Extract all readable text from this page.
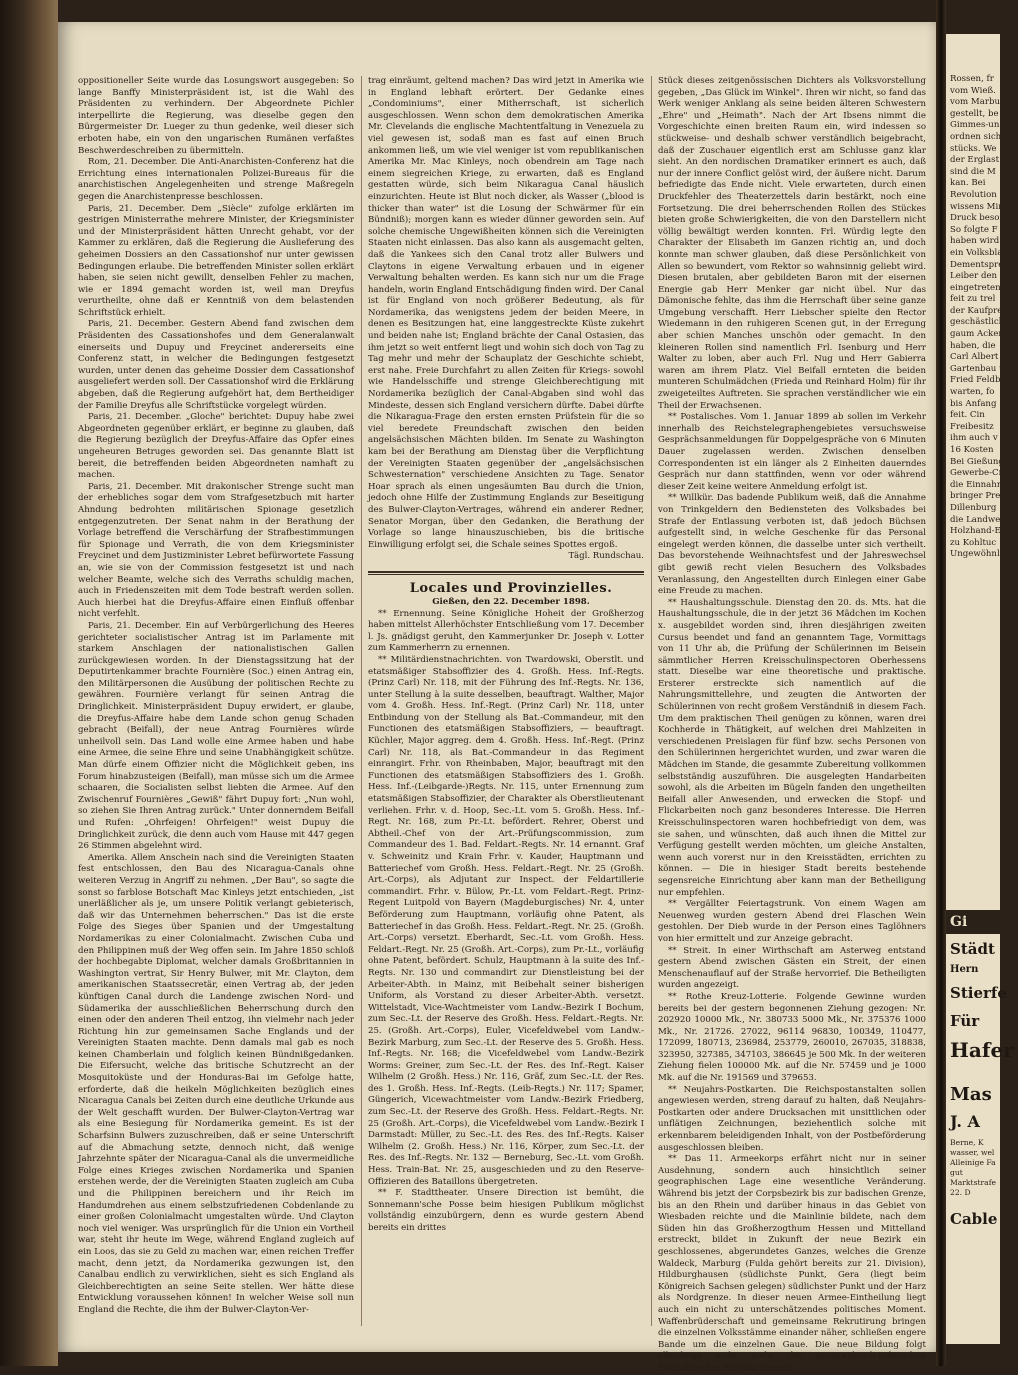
oppositioneller Seite wurde das Losungswort ausgegeben: So lange Banffy Ministerpräsident ist, ist die Wahl des Präsidenten zu verhindern. Der Abgeordnete Pichler interpellirte die Regierung, was dieselbe gegen den Bürgermeister Dr. Lueger zu thun gedenke, weil dieser sich erboten habe, ein von den ungarischen Rumänen verfaßtes Beschwerdeschreiben zu übermitteln.

Rom, 21. December. Die Anti-Anarchisten-Conferenz hat die Errichtung eines internationalen Polizei-Bureaus für die anarchistischen Angelegenheiten und strenge Maßregeln gegen die Anarchistenpresse beschlossen.

Paris, 21. December. Dem „Siècle" zufolge erklärten im gestrigen Ministerrathe mehrere Minister, der Kriegsminister und der Ministerpräsident hätten Unrecht gehabt, vor der Kammer zu erklären, daß die Regierung die Auslieferung des geheimen Dossiers an den Cassationshof nur unter gewissen Bedingungen erlaube. Die betreffenden Minister sollen erklärt haben, sie seien nicht gewillt, denselben Fehler zu machen, wie er 1894 gemacht worden ist, weil man Dreyfus verurtheilte, ohne daß er Kenntniß von dem belastenden Schriftstück erhielt.

Paris, 21. December. Gestern Abend fand zwischen dem Präsidenten des Cassationshofes und dem Generalanwalt einerseits und Dupuy und Freycinet andererseits eine Conferenz statt, in welcher die Bedingungen festgesetzt wurden, unter denen das geheime Dossier dem Cassationshof ausgeliefert werden soll. Der Cassationshof wird die Erklärung abgeben, daß die Regierung aufgehört hat, dem Bertheidiger der Familie Dreyfus alle Schriftstücke vorgelegt würden.

Paris, 21. December. „Gloche" berichtet: Dupuy habe zwei Abgeordneten gegenüber erklärt, er beginne zu glauben, daß die Regierung bezüglich der Dreyfus-Affaire das Opfer eines ungeheuren Betruges geworden sei. Das genannte Blatt ist bereit, die betreffenden beiden Abgeordneten namhaft zu machen.

Paris, 21. December. Mit drakonischer Strenge sucht man der erhebliches sogar dem vom Strafgesetzbuch mit harter Ahndung bedrohten militärischen Spionage gesetzlich entgegenzutreten. Der Senat nahm in der Berathung der Vorlage betreffend die Verschärfung der Strafbestimmungen für Spionage und Verrath, die von dem Kriegsminister Freycinet und dem Justizminister Lebret befürwortete Fassung an, wie sie von der Commission festgesetzt ist und nach welcher Beamte, welche sich des Verraths schuldig machen, auch in Friedenszeiten mit dem Tode bestraft werden sollen. Auch hierbei hat die Dreyfus-Affaire einen Einfluß offenbar nicht verfehlt.

Paris, 21. December. Ein auf Verbürgerlichung des Heeres gerichteter socialistischer Antrag ist im Parlamente mit starkem Anschlagen der nationalistischen Gallen zurückgewiesen worden. In der Dienstagssitzung hat der Deputirtenkammer brachte Fournière (Soc.) einen Antrag ein, den Militärpersonen die Ausübung der politischen Rechte zu gewähren. Fournière verlangt für seinen Antrag die Dringlichkeit. Ministerpräsident Dupuy erwidert, er glaube, die Dreyfus-Affaire habe dem Lande schon genug Schaden gebracht (Beifall), der neue Antrag Fournières würde unheilvoll sein. Das Land wolle eine Armee haben und habe eine Armee, die seine Ehre und seine Unabhängigkeit schütze. Man dürfe einem Offizier nicht die Möglichkeit geben, ins Forum hinabzusteigen (Beifall), man müsse sich um die Armee schaaren, die Socialisten selbst liebten die Armee. Auf den Zwischenruf Fournières „Gewiß" fährt Dupuy fort: „Nun wohl, so ziehen Sie Ihren Antrag zurück." Unter donnerndem Beifall und Rufen: „Ohrfeigen! Ohrfeigen!" weist Dupuy die Dringlichkeit zurück, die denn auch vom Hause mit 447 gegen 26 Stimmen abgelehnt wird.

Amerika. Allem Anschein nach sind die Vereinigten Staaten fest entschlossen, den Bau des Nicaragua-Canals ohne weiteren Verzug in Angriff zu nehmen. „Der Bau", so sagte die sonst so farblose Botschaft Mac Kinleys jetzt entschieden, „ist unerläßlicher als je, um unsere Politik verlangt gebieterisch, daß wir das Unternehmen beherrschen." Das ist die erste Folge des Sieges über Spanien und der Umgestaltung Nordamerikas zu einer Colonialmacht. Zwischen Cuba und den Philippinen muß der Weg offen sein. Im Jahre 1850 schloß der hochbegabte Diplomat, welcher damals Großbritannien in Washington vertrat, Sir Henry Bulwer, mit Mr. Clayton, dem amerikanischen Staatssecretär, einen Vertrag ab, der jeden künftigen Canal durch die Landenge zwischen Nord- und Südamerika der ausschließlichen Beherrschung durch den einen oder den anderen Theil entzog, ihn vielmehr nach jeder Richtung hin zur gemeinsamen Sache Englands und der Vereinigten Staaten machte. Denn damals mal gab es noch keinen Chamberlain und folglich keinen Bündnißgedanken. Die Eifersucht, welche das britische Schutzrecht an der Mosquitoküste und der Honduras-Bai im Gefolge hatte, erforderte, daß die heikeln Möglichkeiten bezüglich eines Nicaragua Canals bei Zeiten durch eine deutliche Urkunde aus der Welt geschafft wurden. Der Bulwer-Clayton-Vertrag war als eine Besiegung für Nordamerika gemeint. Es ist der Scharfsinn Bulwers zuzuschreiben, daß er seine Unterschrift auf die Abmachung setzte, dennoch nicht, daß wenige Jahrzehnte später der Nicaragua-Canal als die unvermeidliche Folge eines Krieges zwischen Nordamerika und Spanien erstehen werde, der die Vereinigten Staaten zugleich am Cuba und die Philippinen bereichern und ihr Reich im Handumdrehen aus einem selbstzufriedenen Cobdenlande zu einer großen Colonialmacht umgestalten würde. Und Clayton noch viel weniger. Was ursprünglich für die Union ein Vortheil war, steht ihr heute im Wege, während England zugleich auf ein Loos, das sie zu Geld zu machen war, einen reichen Treffer macht, denn jetzt, da Nordamerika gezwungen ist, den Canalbau endlich zu verwirklichen, sieht es sich England als Gleichberechtigten an seine Seite stellen. Wer hätte diese Entwicklung voraussehen können! In welcher Weise soll nun England die Rechte, die ihm der Bulwer-Clayton-Ver-

trag einräumt, geltend machen? Das wird jetzt in Amerika wie in England lebhaft erörtert. Der Gedanke eines „Condominiums", einer Mitherrschaft, ist sicherlich ausgeschlossen. Wenn schon dem demokratischen Amerika Mr. Clevelands die englische Machtentfaltung in Venezuela zu viel gewesen ist, sodaß man es fast auf einen Bruch ankommen ließ, um wie viel weniger ist vom republikanischen Amerika Mr. Mac Kinleys, noch obendrein am Tage nach einem siegreichen Kriege, zu erwarten, daß es England gestatten würde, sich beim Nikaragua Canal häuslich einzurichten. Heute ist Blut noch dicker, als Wasser („blood is thicker than water" ist die Losung der Schwärmer für ein Bündniß); morgen kann es wieder dünner geworden sein. Auf solche chemische Ungewißheiten können sich die Vereinigten Staaten nicht einlassen. Das also kann als ausgemacht gelten, daß die Yankees sich den Canal trotz aller Bulwers und Claytons in eigene Verwaltung erbauen und in eigener Verwaltung behalten werden. Es kann sich nur um die Frage handeln, worin England Entschädigung finden wird. Der Canal ist für England von noch größerer Bedeutung, als für Nordamerika, das wenigstens jedem der beiden Meere, in denen es Besitzungen hat, eine langgestreckte Küste zukehrt und beiden nahe ist; England brächte der Canal Ostasien, das ihm jetzt so weit entfernt liegt und wohin sich doch von Tag zu Tag mehr und mehr der Schauplatz der Geschichte schiebt, erst nahe. Freie Durchfahrt zu allen Zeiten für Kriegs- sowohl wie Handelsschiffe und strenge Gleichberechtigung mit Nordamerika bezüglich der Canal-Abgaben sind wohl das Mindeste, dessen sich England versichern dürfte. Dabei dürfte die Nikaragua-Frage den ersten ernsten Prüfstein für die so viel beredete Freundschaft zwischen den beiden angelsächsischen Mächten bilden. Im Senate zu Washington kam bei der Berathung am Dienstag über die Verpflichtung der Vereinigten Staaten gegenüber der „angelsächsischen Schwesternation" verschiedene Ansichten zu Tage. Senator Hoar sprach als einen ungesäumten Bau durch die Union, jedoch ohne Hilfe der Zustimmung Englands zur Beseitigung des Bulwer-Clayton-Vertrages, während ein anderer Redner, Senator Morgan, über den Gedanken, die Berathung der Vorlage so lange hinauszuschieben, bis die britische Einwilligung erfolgt sei, die Schale seines Spottes ergoß.

Tägl. Rundschau.

Locales und Provinzielles.

Gießen, den 22. December 1898.

** Ernennung. Seine Königliche Hoheit der Großherzog haben mittelst Allerhöchster Entschließung vom 17. December l. Js. gnädigst geruht, den Kammerjunker Dr. Joseph v. Lotter zum Kammerherrn zu ernennen.

** Militärdienstnachrichten. von Twardowski, Oberstlt. und etatsmäßiger Stabsoffizier des 4. Großh. Hess. Inf.-Regts. (Prinz Carl) Nr. 118, mit der Führung des Inf.-Regts. Nr. 136, unter Stellung à la suite desselben, beauftragt. Walther, Major vom 4. Großh. Hess. Inf.-Regt. (Prinz Carl) Nr. 118, unter Entbindung von der Stellung als Bat.-Commandeur, mit den Functionen des etatsmäßigen Stabsoffiziers, — beauftragt. Küchler, Major aggreg. dem 4. Großh. Hess. Inf.-Regt. (Prinz Carl) Nr. 118, als Bat.-Commandeur in das Regiment einrangirt. Frhr. von Rheinbaben, Major, beauftragt mit den Functionen des etatsmäßigen Stabsoffiziers des 1. Großh. Hess. Inf.-(Leibgarde-)Regts. Nr. 115, unter Ernennung zum etatsmäßigen Stabsoffizier, der Charakter als Oberstlieutenant verliehen. Frhr. v. d. Hoop, Sec.-Lt. vom 5. Großh. Hess. Inf.-Regt. Nr. 168, zum Pr.-Lt. befördert. Rehrer, Oberst und Abtheil.-Chef von der Art.-Prüfungscommission, zum Commandeur des 1. Bad. Feldart.-Regts. Nr. 14 ernannt. Graf v. Schweinitz und Krain Frhr. v. Kauder, Hauptmann und Batteriechef vom Großh. Hess. Feldart.-Regt. Nr. 25 (Großh. Art.-Corps), als Adjutant zur Inspect. der Feldartillerie commandirt. Frhr. v. Bülow, Pr.-Lt. vom Feldart.-Regt. Prinz-Regent Luitpold von Bayern (Magdeburgisches) Nr. 4, unter Beförderung zum Hauptmann, vorläufig ohne Patent, als Batteriechef in das Großh. Hess. Feldart.-Regt. Nr. 25. (Großh. Art.-Corps) versetzt. Eberhardt, Sec.-Lt. vom Großh. Hess. Feldart.-Regt. Nr. 25 (Großh. Art.-Corps), zum Pr.-Lt., vorläufig ohne Patent, befördert. Schulz, Hauptmann à la suite des Inf.-Regts. Nr. 130 und commandirt zur Dienstleistung bei der Arbeiter-Abth. in Mainz, mit Beibehalt seiner bisherigen Uniform, als Vorstand zu dieser Arbeiter-Abth. versetzt. Wittelstadt, Vice-Wachtmeister vom Landw.-Bezirk I Bochum, zum Sec.-Lt. der Reserve des Großh. Hess. Feldart.-Regts. Nr. 25. (Großh. Art.-Corps), Euler, Vicefeldwebel vom Landw.-Bezirk Marburg, zum Sec.-Lt. der Reserve des 5. Großh. Hess. Inf.-Regts. Nr. 168; die Vicefeldwebel vom Landw.-Bezirk Worms: Greiner, zum Sec.-Lt. der Res. des Inf.-Regt. Kaiser Wilhelm (2 Großh. Hess.) Nr. 116, Gräf, zum Sec.-Lt. der Res. des 1. Großh. Hess. Inf.-Regts. (Leib-Regts.) Nr. 117; Spamer, Güngerich, Vicewachtmeister vom Landw.-Bezirk Friedberg, zum Sec.-Lt. der Reserve des Großh. Hess. Feldart.-Regts. Nr. 25 (Großh. Art.-Corps), die Vicefeldwebel vom Landw.-Bezirk I Darmstadt: Müller, zu Sec.-Lt. des Res. des Inf.-Regts. Kaiser Wilhelm (2. Großh. Hess.) Nr. 116, Körper, zum Sec.-Lt. der Res. des Inf.-Regts. Nr. 132 — Berneburg, Sec.-Lt. vom Großh. Hess. Train-Bat. Nr. 25, ausgeschieden und zu den Reserve-Offizieren des Bataillons übergetreten.

** F. Stadttheater. Unsere Direction ist bemüht, die Sonnemann'sche Posse beim hiesigen Publikum möglichst vollständig einzubürgern, denn es wurde gestern Abend bereits ein drittes

Stück dieses zeitgenössischen Dichters als Volksvorstellung gegeben, „Das Glück im Winkel". Ihren wir nicht, so fand das Werk weniger Anklang als seine beiden älteren Schwestern „Ehre" und „Heimath". Nach der Art Ibsens nimmt die Vorgeschichte einen breiten Raum ein, wird indessen so stückweise- und deshalb schwer verständlich beigebracht, daß der Zuschauer eigentlich erst am Schlusse ganz klar sieht. An den nordischen Dramatiker erinnert es auch, daß nur der innere Conflict gelöst wird, der äußere nicht. Darum befriedigte das Ende nicht. Viele erwarteten, durch einen Druckfehler des Theaterzettels darin bestärkt, noch eine Fortsetzung. Die drei beherrschenden Rollen des Stückes bieten große Schwierigkeiten, die von den Darstellern nicht völlig bewältigt werden konnten. Frl. Würdig legte den Charakter der Elisabeth im Ganzen richtig an, und doch konnte man schwer glauben, daß diese Persönlichkeit von Allen so bewundert, vom Rektor so wahnsinnig geliebt wird. Diesen brutalen, aber gebildeten Baron mit der eisernen Energie gab Herr Menker gar nicht übel. Nur das Dämonische fehlte, das ihm die Herrschaft über seine ganze Umgebung verschafft. Herr Liebscher spielte den Rector Wiedemann in den ruhigeren Scenen gut, in der Erregung aber schien Manches unschön oder gemacht. In den kleineren Rollen sind namentlich Frl. Isenburg und Herr Walter zu loben, aber auch Frl. Nug und Herr Gabierra waren am ihrem Platz. Viel Beifall ernteten die beiden munteren Schulmädchen (Frieda und Reinhard Holm) für ihr zweigeteiltes Auftreten. Sie sprachen verständlicher wie ein Theil der Erwachsenen.

** Postalisches. Vom 1. Januar 1899 ab sollen im Verkehr innerhalb des Reichstelegraphengebietes versuchsweise Gesprächsanmeldungen für Doppelgespräche von 6 Minuten Dauer zugelassen werden. Zwischen denselben Correspondenten ist ein länger als 2 Einheiten dauerndes Gespräch nur dann stattfinden, wenn vor oder während dieser Zeit keine weitere Anmeldung erfolgt ist.

** Willkür. Das badende Publikum weiß, daß die Annahme von Trinkgeldern den Bediensteten des Volksbades bei Strafe der Entlassung verboten ist, daß jedoch Büchsen aufgestellt sind, in welche Geschenke für das Personal eingelegt werden können, die dasselbe unter sich vertheilt. Das bevorstehende Weihnachtsfest und der Jahreswechsel gibt gewiß recht vielen Besuchern des Volksbades Veranlassung, den Angestellten durch Einlegen einer Gabe eine Freude zu machen.

** Haushaltungsschule. Dienstag den 20. ds. Mts. hat die Haushaltungsschule, die in der jetzt 36 Mädchen im Kochen x. ausgebildet worden sind, ihren diesjährigen zweiten Cursus beendet und fand an genanntem Tage, Vormittags von 11 Uhr ab, die Prüfung der Schülerinnen im Beisein sämmtlicher Herren Kreisschulinspectoren Oberhessens statt. Dieselbe war eine theoretische und praktische. Ersterer erstreckte sich namentlich auf die Nahrungsmittellehre, und zeugten die Antworten der Schülerinnen von recht großem Verständniß in diesem Fach. Um dem praktischen Theil genügen zu können, waren drei Kochherde in Thätigkeit, auf welchen drei Mahlzeiten in verschiedenen Preislagen für fünf bzw. sechs Personen von den Schülerinnen hergerichtet wurden, und zwar waren die Mädchen im Stande, die gesammte Zubereitung vollkommen selbstständig auszuführen. Die ausgelegten Handarbeiten sowohl, als die Arbeiten im Bügeln fanden den ungetheilten Beifall aller Anwesenden, und erwecken die Stopf- und Flickarbeiten noch ganz besonderes Interesse. Die Herren Kreisschulinspectoren waren hochbefriedigt von dem, was sie sahen, und wünschten, daß auch ihnen die Mittel zur Verfügung gestellt werden möchten, um gleiche Anstalten, wenn auch vorerst nur in den Kreisstädten, errichten zu können. — Die in hiesiger Stadt bereits bestehende segensreiche Einrichtung aber kann man der Betheiligung nur empfehlen.

** Vergällter Feiertagstrunk. Von einem Wagen am Neuenweg wurden gestern Abend drei Flaschen Wein gestohlen. Der Dieb wurde in der Person eines Taglöhners von hier ermittelt und zur Anzeige gebracht.

** Streit. In einer Wirthschaft am Asterweg entstand gestern Abend zwischen Gästen ein Streit, der einen Menschenauflauf auf der Straße hervorrief. Die Betheiligten wurden angezeigt.

** Rothe Kreuz-Lotterie. Folgende Gewinne wurden bereits bei der gestern begonnenen Ziehung gezogen: Nr. 202920 10000 Mk., Nr. 380733 5000 Mk., Nr. 375376 1000 Mk., Nr. 21726. 27022, 96114 96830, 100349, 110477, 172099, 180713, 236984, 253779, 260010, 267035, 318838, 323950, 327385, 347103, 386645 je 500 Mk. In der weiteren Ziehung fielen 100000 Mk. auf die Nr. 57459 und je 1000 Mk. auf die Nr. 191569 und 379653.

** Neujahrs-Postkarten. Die Reichspostanstalten sollen angewiesen werden, streng darauf zu halten, daß Neujahrs-Postkarten oder andere Drucksachen mit unsittlichen oder unflätigen Zeichnungen, beziehentlich solche mit erkennbarem beleidigenden Inhalt, von der Postbeförderung ausgeschlossen bleiben.

** Das 11. Armeekorps erfährt nicht nur in seiner Ausdehnung, sondern auch hinsichtlich seiner geographischen Lage eine wesentliche Veränderung. Während bis jetzt der Corpsbezirk bis zur badischen Grenze, bis an den Rhein und darüber hinaus in das Gebiet von Wiesbaden reichte und die Mainlinie bildete, nach dem Süden hin das Großherzogthum Hessen und Mittelland erstreckt, bildet in Zukunft der neue Bezirk ein geschlossenes, abgerundetes Ganzes, welches die Grenze Waldeck, Marburg (Fulda gehört bereits zur 21. Division), Hildburghausen (südlichste Punkt, Gera (liegt beim Königreich Sachsen gelegen) südlichster Punkt und der Harz als Nordgrenze. In dieser neuen Armee-Eintheilung liegt auch ein nicht zu unterschätzendes politisches Moment. Waffenbrüderschaft und gemeinsame Rekrutirung bringen die einzelnen Volksstämme einander näher, schließen engere Bande um die einzelnen Gaue. Die neue Bildung folgt allerdings nicht mehr der geographisch-politischen Formation der Provinz Hessen-

Rossen, fr
vom Wieß.
vom Marburg
gestellt, be
Gimmes-un
ordnen sich
stücks. We
der Erglast
sind die M
kan. Bei
Revolution
wissens Minist
Druck besor
So folgte F
haben wird
ein Volksbla
Dementspred
Leiber den
eingetreten
feit zu trel
der Kaufpreis
geschästlichen
gaum Acker
haben, die
Carl Albert
Gartenbau u
Fried Feldb
warten, fo
bis Anfang
feit. Cin
Freibesitz
ihm auch v
16 Kosten
Bei Gießung
Gewerbe-Cr
die Einnahm
bringer Pre
Dillenburg
die Landwe
Holzhand-E
zu Kohltuc
Ungewöhnliche
Gi
Städt
Hern
Stierfe
Für
Hafer
Mas
J. A
Berne, K
wasser, wel
Alleinige Fa
gut
Marktstrafe
22. D
Cable
